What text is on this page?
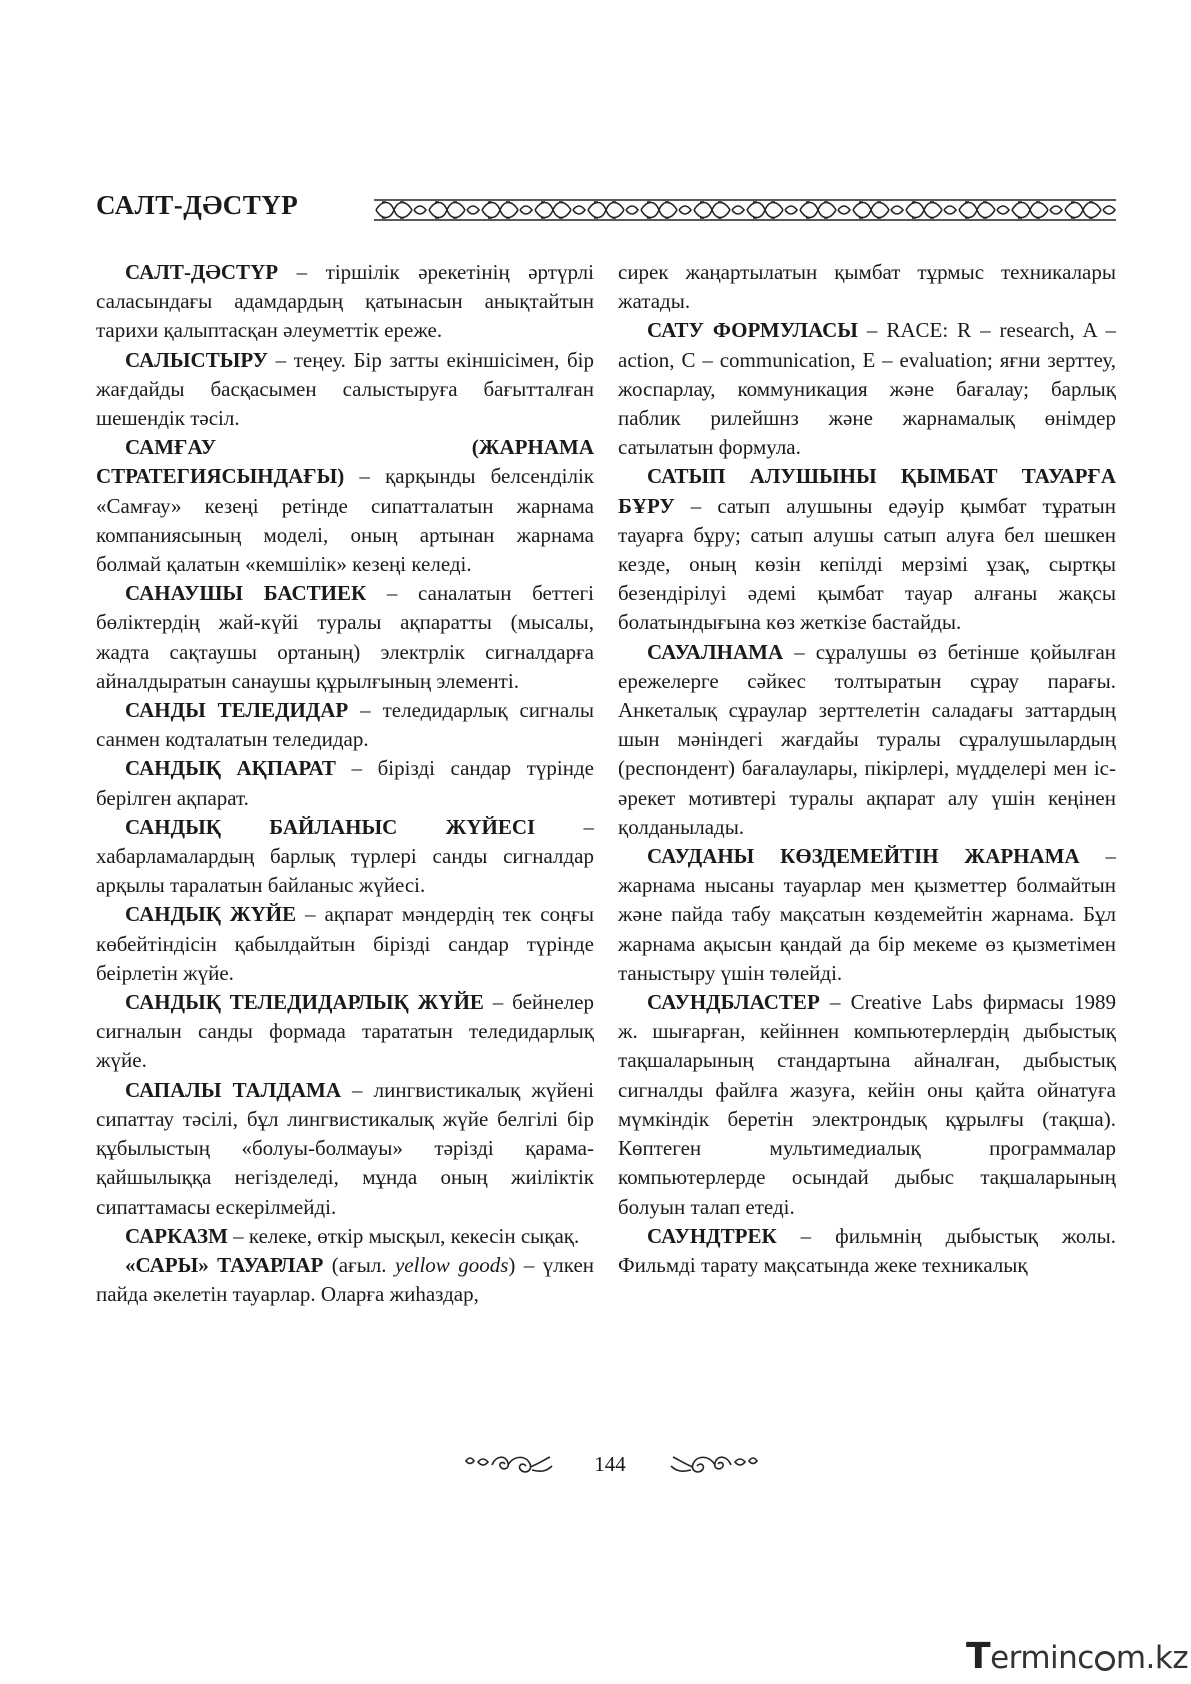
САЛТ-ДӘСТҮР

САЛТ-ДӘСТҮР – тіршілік әрекетінің әртүрлі саласындағы адамдардың қатынасын анықтайтын тарихи қалыптасқан әлеуметтік ереже.

САЛЫСТЫРУ – теңеу. Бір затты екіншісімен, бір жағдайды басқасымен салыстыруға бағытталған шешендік тәсіл.

САМҒАУ (ЖАРНАМА СТРАТЕГИЯСЫНДАҒЫ) – қарқынды белсенділік «Самғау» кезеңі ретінде сипатталатын жарнама компаниясының моделі, оның артынан жарнама болмай қалатын «кемшілік» кезеңі келеді.

САНАУШЫ БАСТИЕК – саналатын беттегі бөліктердің жай-күйі туралы ақпаратты (мысалы, жадта сақтаушы ортаның) электрлік сигналдарға айналдыратын санаушы құрылғының элементі.

САНДЫ ТЕЛЕДИДАР – теледидарлық сигналы санмен кодталатын теледидар.

САНДЫҚ АҚПАРАТ – бірізді сандар түрінде берілген ақпарат.

САНДЫҚ БАЙЛАНЫС ЖҮЙЕСІ – хабарламалардың барлық түрлері санды сигналдар арқылы таралатын байланыс жүйесі.

САНДЫҚ ЖҮЙЕ – ақпарат мәндердің тек соңғы көбейтіндісін қабылдайтын бірізді сандар түрінде беірлетін жүйе.

САНДЫҚ ТЕЛЕДИДАРЛЫҚ ЖҮЙЕ – бейнелер сигналын санды формада тарататын теледидарлық жүйе.

САПАЛЫ ТАЛДАМА – лингвистикалық жүйені сипаттау тәсілі, бұл лингвистикалық жүйе белгілі бір құбылыстың «болуы-болмауы» тәрізді қарама-қайшылыққа негізделеді, мұнда оның жиіліктік сипаттамасы ескерілмейді.

САРКАЗМ – келеке, өткір мысқыл, кекесін сықақ.

«САРЫ» ТАУАРЛАР (ағыл. yellow goods) – үлкен пайда әкелетін тауарлар. Оларға жиһаздар,

сирек жаңартылатын қымбат тұрмыс техникалары жатады.

САТУ ФОРМУЛАСЫ – RACE: R – research, A – action, C – communication, E – evaluation; яғни зерттеу, жоспарлау, коммуникация және бағалау; барлық паблик рилейшнз және жарнамалық өнімдер сатылатын формула.

САТЫП АЛУШЫНЫ ҚЫМБАТ ТАУАРҒА БҰРУ – сатып алушыны едәуір қымбат тұратын тауарға бұру; сатып алушы сатып алуға бел шешкен кезде, оның көзін кепілді мерзімі ұзақ, сыртқы безендірілуі әдемі қымбат тауар алғаны жақсы болатындығына көз жеткізе бастайды.

САУАЛНАМА – сұралушы өз бетінше қойылған ережелерге сәйкес толтыратын сұрау парағы. Анкеталық сұраулар зерттелетін саладағы заттардың шын мәніндегі жағдайы туралы сұралушылардың (респондент) бағалаулары, пікірлері, мүдделері мен іс-әрекет мотивтері туралы ақпарат алу үшін кеңінен қолданылады.

САУДАНЫ КӨЗДЕМЕЙТІН ЖАРНАМА – жарнама нысаны тауарлар мен қызметтер болмайтын және пайда табу мақсатын көздемейтін жарнама. Бұл жарнама ақысын қандай да бір мекеме өз қызметімен таныстыру үшін төлейді.

САУНДБЛАСТЕР – Creative Labs фирмасы 1989 ж. шығарған, кейіннен компьютерлердің дыбыстық тақшаларының стандартына айналған, дыбыстық сигналды файлға жазуға, кейін оны қайта ойнатуға мүмкіндік беретін электрондық құрылғы (тақша). Көптеген мультимедиалық программалар компьютерлерде осындай дыбыс тақшаларының болуын талап етеді.

САУНДТРЕК – фильмнің дыбыстық жолы. Фильмді тарату мақсатында жеке техникалық

144
Terminc m.kz
